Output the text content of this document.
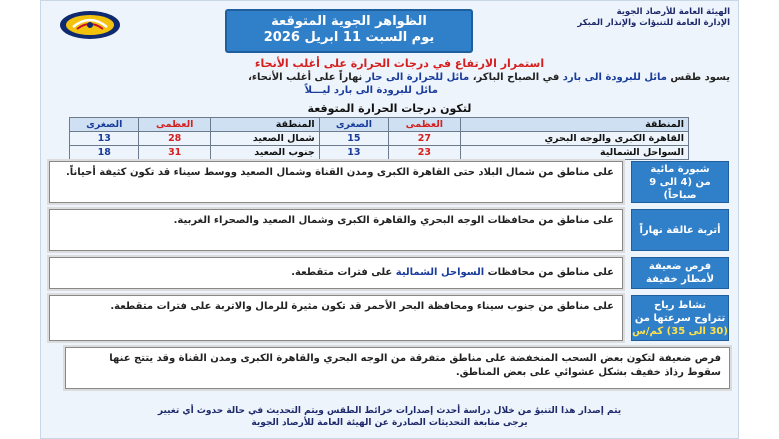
الهيئة العامة للأرصاد الجوية
الإدارة العامة للتنبؤات والإنذار المبكر
الظواهر الجوية المتوقعة
يوم السبت 11 ابريل 2026
استمرار الارتفاع في درجات الحرارة على أغلب الأنحاء
يسود طقس مائل للبرودة الى بارد في الصباح الباكر، مائل للحرارة الى حار نهاراً على أغلب الأنحاء،
مائل للبرودة الى بارد ليـــلاً
لتكون درجات الحرارة المتوقعة
المنطقة	العظمى	الصغرى	المنطقة	العظمى	الصغرى
القاهرة الكبرى والوجه البحري	27	15	شمال الصعيد	28	13
السواحل الشمالية	23	13	جنوب الصعيد	31	18
شبورة مائية
من (4 الى 9 صباحاً)
على مناطق من شمال البلاد حتى القاهرة الكبرى ومدن القناة وشمال الصعيد ووسط سيناء قد تكون كثيفة أحياناً.
أتربة عالقة نهاراً
على مناطق من محافظات الوجه البحري والقاهرة الكبرى وشمال الصعيد والصحراء الغربية.
فرص ضعيفة
لأمطار خفيفة
على مناطق من محافظات السواحل الشمالية على فترات متقطعة.
نشاط رياح
تتراوح سرعتها من
(30 الى 35) كم/س
على مناطق من جنوب سيناء ومحافظة البحر الأحمر قد تكون مثيرة للرمال والاتربة على فترات متقطعة.
فرص ضعيفة لتكون بعض السحب المنخفضة على مناطق متفرقة من الوجه البحري والقاهرة الكبرى ومدن القناة وقد يتتج عنها سقوط رذاذ خفيف بشكل عشوائي على بعض المناطق.
يتم إصدار هذا التنبؤ من خلال دراسة أحدث إصدارات خرائط الطقس ويتم التحديث في حالة حدوث أي تغيير
يرجى متابعة التحديثات الصادرة عن الهيئة العامة للأرصاد الجوية
